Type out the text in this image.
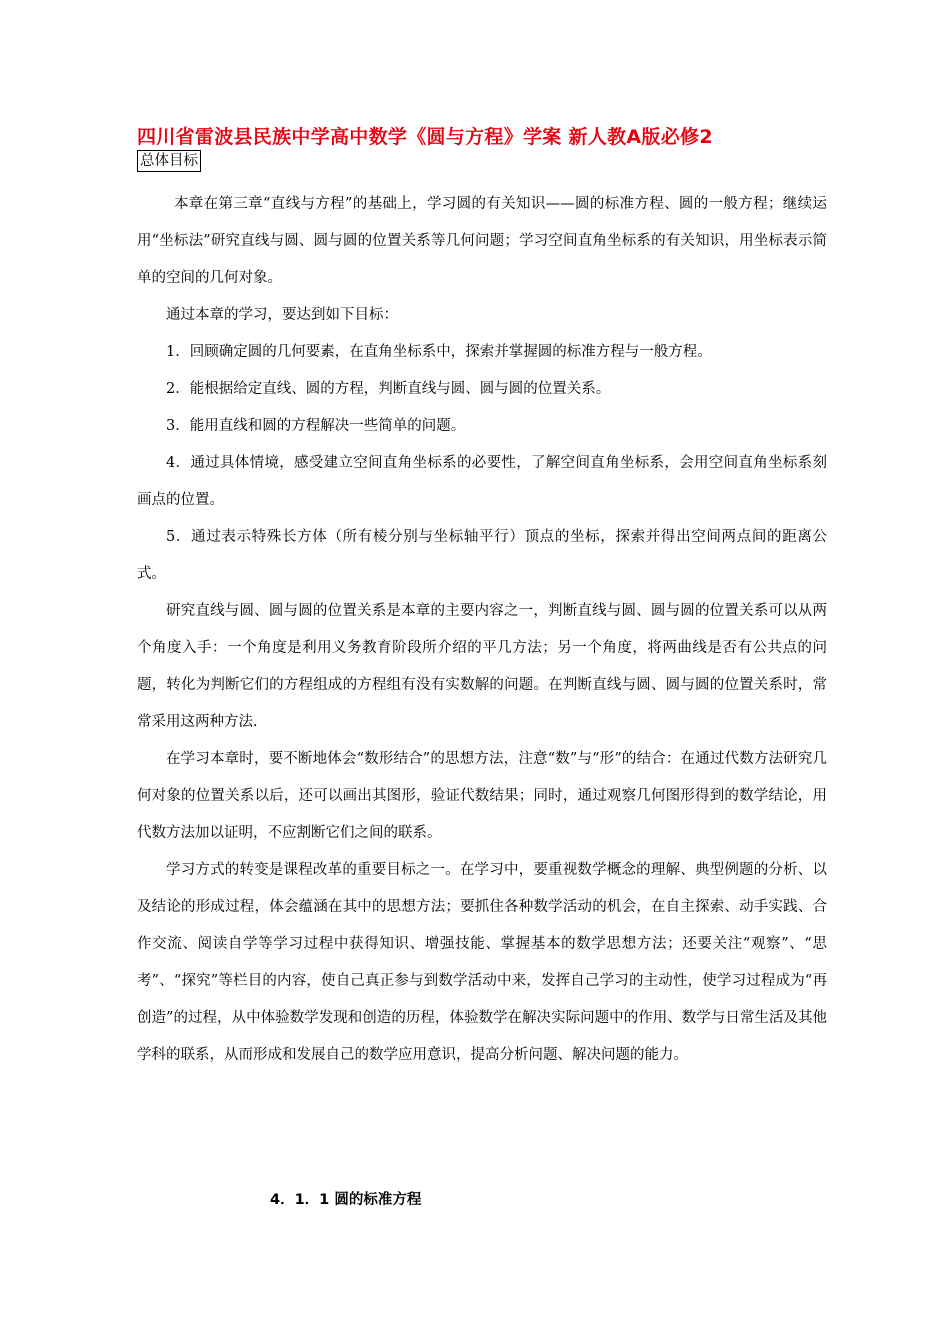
四川省雷波县民族中学高中数学《圆与方程》学案 新人教A版必修2
总体目标

本章在第三章“直线与方程”的基础上，学习圆的有关知识——圆的标准方程、圆的一般方程；继续运用“坐标法”研究直线与圆、圆与圆的位置关系等几何问题；学习空间直角坐标系的有关知识，用坐标表示简单的空间的几何对象。

通过本章的学习，要达到如下目标：

1．回顾确定圆的几何要素，在直角坐标系中，探索并掌握圆的标准方程与一般方程。

2．能根据给定直线、圆的方程，判断直线与圆、圆与圆的位置关系。

3．能用直线和圆的方程解决一些简单的问题。

4．通过具体情境，感受建立空间直角坐标系的必要性，了解空间直角坐标系，会用空间直角坐标系刻画点的位置。

5．通过表示特殊长方体（所有棱分别与坐标轴平行）顶点的坐标，探索并得出空间两点间的距离公式。

研究直线与圆、圆与圆的位置关系是本章的主要内容之一，判断直线与圆、圆与圆的位置关系可以从两个角度入手：一个角度是利用义务教育阶段所介绍的平几方法；另一个角度，将两曲线是否有公共点的问题，转化为判断它们的方程组成的方程组有没有实数解的问题。在判断直线与圆、圆与圆的位置关系时，常常采用这两种方法.

在学习本章时，要不断地体会“数形结合”的思想方法，注意“数”与“形”的结合：在通过代数方法研究几何对象的位置关系以后，还可以画出其图形，验证代数结果；同时，通过观察几何图形得到的数学结论，用代数方法加以证明，不应割断它们之间的联系。

学习方式的转变是课程改革的重要目标之一。在学习中，要重视数学概念的理解、典型例题的分析、以及结论的形成过程，体会蕴涵在其中的思想方法；要抓住各种数学活动的机会，在自主探索、动手实践、合作交流、阅读自学等学习过程中获得知识、增强技能、掌握基本的数学思想方法；还要关注“观察”、“思考”、“探究”等栏目的内容，使自己真正参与到数学活动中来，发挥自己学习的主动性，使学习过程成为“再创造”的过程，从中体验数学发现和创造的历程，体验数学在解决实际问题中的作用、数学与日常生活及其他学科的联系，从而形成和发展自己的数学应用意识，提高分析问题、解决问题的能力。

4．1．1 圆的标准方程
